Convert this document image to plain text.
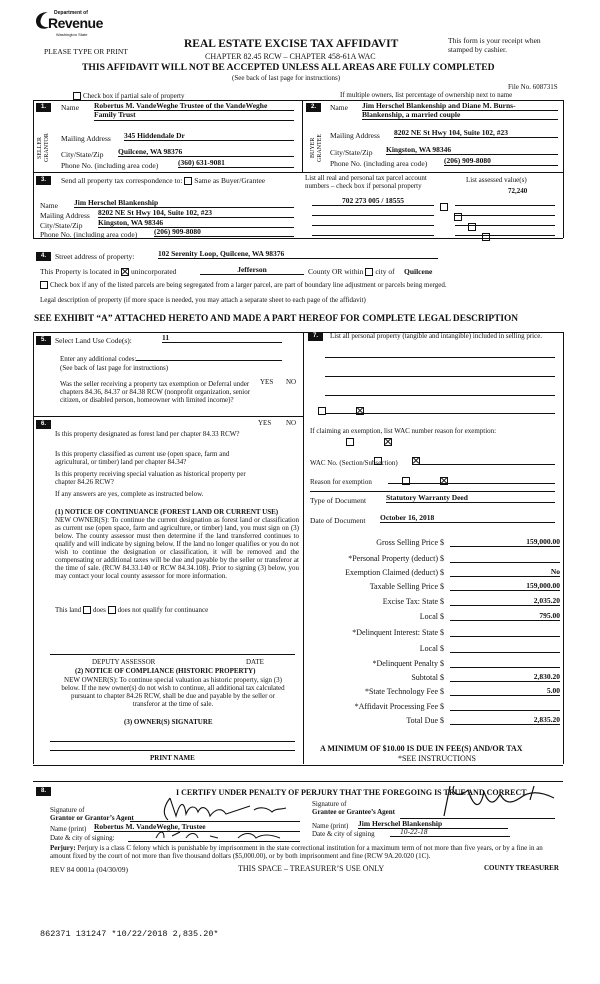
Department of
Revenue
Washington State
PLEASE TYPE OR PRINT
REAL ESTATE EXCISE TAX AFFIDAVIT
CHAPTER 82.45 RCW – CHAPTER 458-61A WAC
This form is your receipt when stamped by cashier.
THIS AFFIDAVIT WILL NOT BE ACCEPTED UNLESS ALL AREAS ARE FULLY COMPLETED
(See back of last page for instructions)
File No. 608731S
Check box if partial sale of property	If multiple owners, list percentage of ownership next to name
1.
SELLER GRANTOR
Name Robertus M. VandeWeghe Trustee of the VandeWeghe Family Trust
Mailing Address 345 Hiddendale Dr
City/State/Zip Quilcene, WA 98376
Phone No. (including area code)	(360) 631-9081
2.
BUYER GRANTEE
Name Jim Herschel Blankenship and Diane M. Burns-
Blankenship, a married couple
Mailing Address 8202 NE St Hwy 104, Suite 102, #23
City/State/Zip Kingston, WA 98346
Phone No. (including area code) (206) 909-8080
3.	Send all property tax correspondence to: Same as Buyer/Grantee
Name Jim Herschel Blankenship
Mailing Address 8202 NE St Hwy 104, Suite 102, #23
City/State/Zip Kingston, WA 98346
Phone No. (including area code) (206) 909-8080
List all real and personal tax parcel account numbers – check box if personal property
List assessed value(s)
72,240
702 273 005 / 18555

4.	Street address of property:	102 Serenity Loop, Quilcene, WA 98376
This Property is located in unincorporated	Jefferson	County OR within city of Quilcene
Check box if any of the listed parcels are being segregated from a larger parcel, are part of boundary line adjustment or parcels being merged.
Legal description of property (if more space is needed, you may attach a separate sheet to each page of the affidavit)
SEE EXHIBIT “A” ATTACHED HERETO AND MADE A PART HEREOF FOR COMPLETE LEGAL DESCRIPTION
5.	Select Land Use Code(s):	11
Enter any additional codes:
(See back of last page for instructions)
YES NO
Was the seller receiving a property tax exemption or Deferral under chapters 84.36, 84.37 or 84.38 RCW (nonprofit organization, senior citizen, or disabled person, homeowner with limited income)?

6.	YES NO
Is this property designated as forest land per chapter 84.33 RCW?

Is this property classified as current use (open space, farm and agricultural, or timber) land per chapter 84.34?

Is this property receiving special valuation as historical property per chapter 84.26 RCW?

If any answers are yes, complete as instructed below.
(1) NOTICE OF CONTINUANCE (FOREST LAND OR CURRENT USE)
NEW OWNER(S): To continue the current designation as forest land or classification as current use (open space, farm and agriculture, or timber) land, you must sign on (3) below. The county assessor must then determine if the land transferred continues to qualify and will indicate by signing below. If the land no longer qualifies or you do not wish to continue the designation or classification, it will be removed and the compensating or additional taxes will be due and payable by the seller or transferor at the time of sale. (RCW 84.33.140 or RCW 84.34.108). Prior to signing (3) below, you may contact your local county assessor for more information.
This land does does not qualify for continuance
DEPUTY ASSESSOR	DATE
(2) NOTICE OF COMPLIANCE (HISTORIC PROPERTY)
NEW OWNER(S): To continue special valuation as historic property, sign (3) below. If the new owner(s) do not wish to continue, all additional tax calculated pursuant to chapter 84.26 RCW, shall be due and payable by the seller or transferor at the time of sale.
(3) OWNER(S) SIGNATURE
PRINT NAME
7.	List all personal property (tangible and intangible) included in selling price.
If claiming an exemption, list WAC number reason for exemption:
WAC No. (Section/Subsection)
Reason for exemption
Type of Document	Statutory Warranty Deed
Date of Document October 16, 2018
Gross Selling Price $	159,000.00
*Personal Property (deduct) $
Exemption Claimed (deduct) $	No
Taxable Selling Price $	159,000.00
Excise Tax: State $	2,035.20
Local $	795.00
*Delinquent Interest: State $
Local $
*Delinquent Penalty $
Subtotal $	2,830.20
*State Technology Fee $	5.00
*Affidavit Processing Fee $
Total Due $	2,835.20
A MINIMUM OF $10.00 IS DUE IN FEE(S) AND/OR TAX
*SEE INSTRUCTIONS
8.	I CERTIFY UNDER PENALTY OF PERJURY THAT THE FOREGOING IS TRUE AND CORRECT
Signature of
Grantor or Grantor’s Agent
Name (print) Robertus M. VandeWeghe, Trustee
Date & city of signing:
Signature of
Grantee or Grantee’s Agent
Name (print) Jim Herschel Blankenship
Date & city of signing	10-22-18
Perjury: Perjury is a class C felony which is punishable by imprisonment in the state correctional institution for a maximum term of not more than five years, or by a fine in an amount fixed by the court of not more than five thousand dollars ($5,000.00), or by both imprisonment and fine (RCW 9A.20.020 (1C).
REV 84 0001a (04/30/09)	THIS SPACE – TREASURER’S USE ONLY	COUNTY TREASURER
862371 131247 *10/22/2018 2,835.20*
